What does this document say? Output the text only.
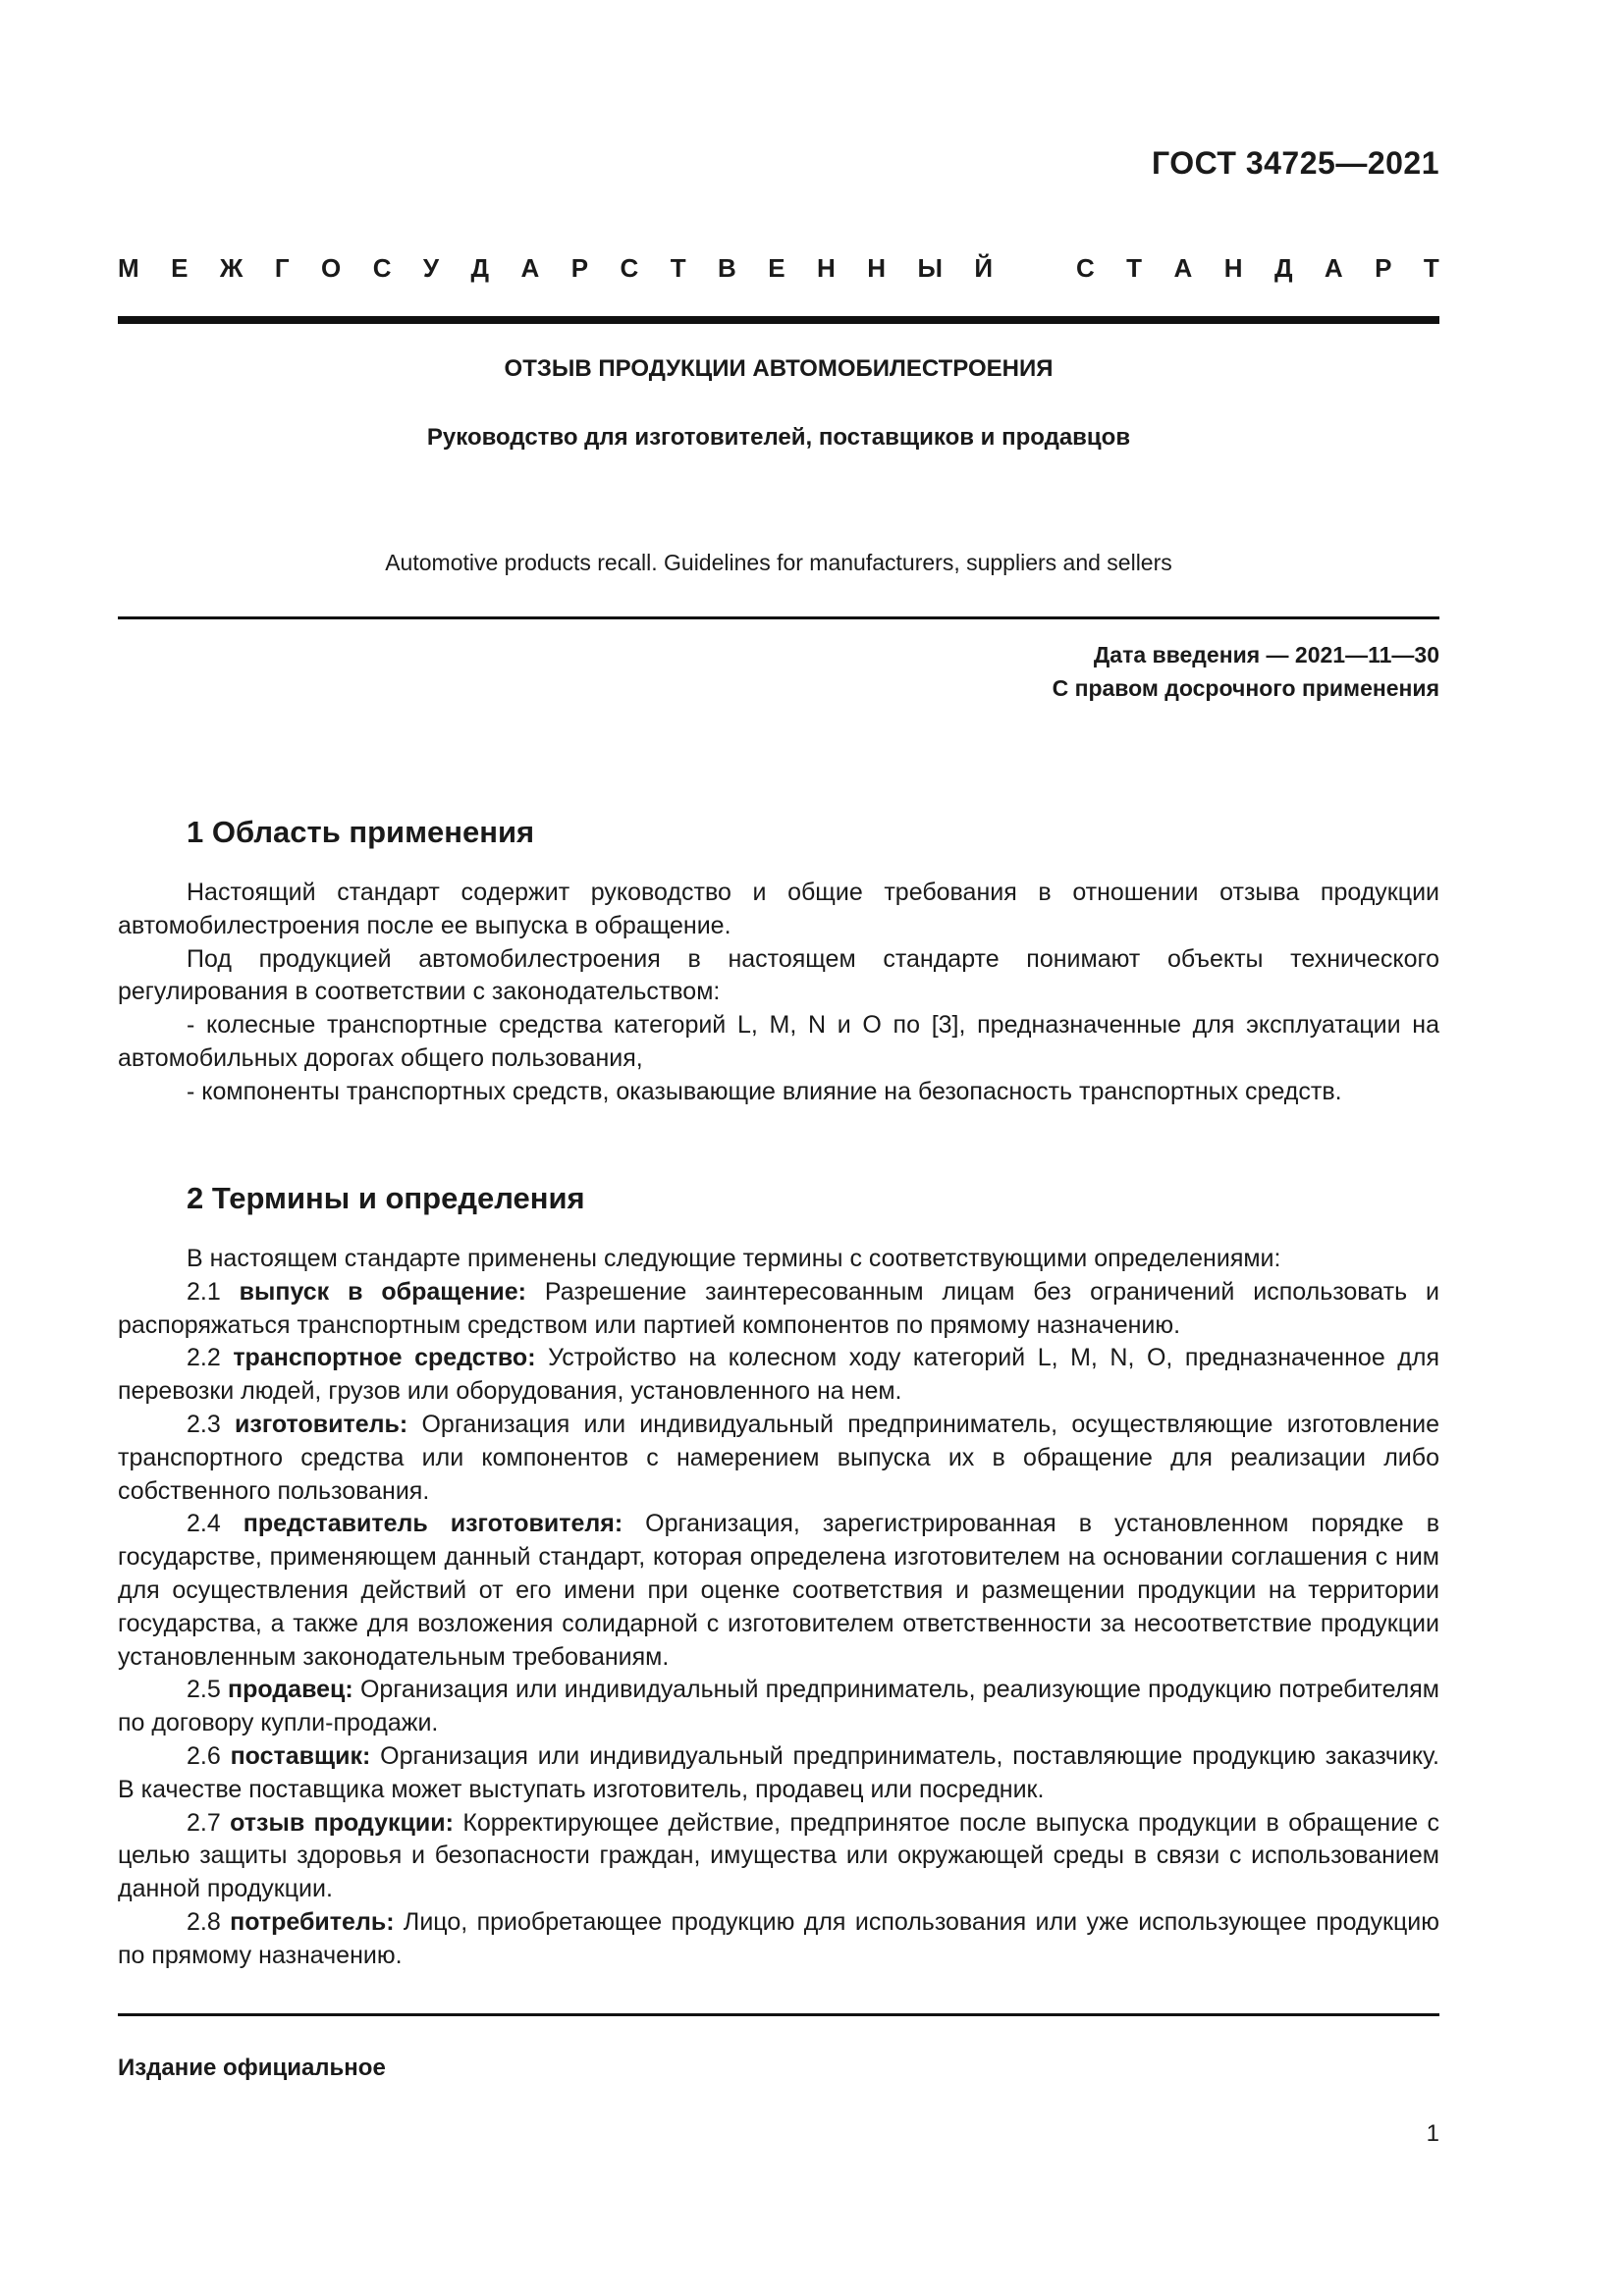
ГОСТ 34725—2021
М Е Ж Г О С У Д А Р С Т В Е Н Н Ы Й	С Т А Н Д А Р Т
ОТЗЫВ ПРОДУКЦИИ АВТОМОБИЛЕСТРОЕНИЯ
Руководство для изготовителей, поставщиков и продавцов
Automotive products recall. Guidelines for manufacturers, suppliers and sellers
Дата введения — 2021—11—30
С правом досрочного применения
1 Область применения

Настоящий стандарт содержит руководство и общие требования в отношении отзыва продукции автомобилестроения после ее выпуска в обращение.

Под продукцией автомобилестроения в настоящем стандарте понимают объекты технического регулирования в соответствии с законодательством:

- колесные транспортные средства категорий L, M, N и O по [3], предназначенные для эксплуатации на автомобильных дорогах общего пользования,

- компоненты транспортных средств, оказывающие влияние на безопасность транспортных средств.

2 Термины и определения

В настоящем стандарте применены следующие термины с соответствующими определениями:

2.1 выпуск в обращение: Разрешение заинтересованным лицам без ограничений использовать и распоряжаться транспортным средством или партией компонентов по прямому назначению.

2.2 транспортное средство: Устройство на колесном ходу категорий L, M, N, O, предназначенное для перевозки людей, грузов или оборудования, установленного на нем.

2.3 изготовитель: Организация или индивидуальный предприниматель, осуществляющие изготовление транспортного средства или компонентов с намерением выпуска их в обращение для реализации либо собственного пользования.

2.4 представитель изготовителя: Организация, зарегистрированная в установленном порядке в государстве, применяющем данный стандарт, которая определена изготовителем на основании соглашения с ним для осуществления действий от его имени при оценке соответствия и размещении продукции на территории государства, а также для возложения солидарной с изготовителем ответственности за несоответствие продукции установленным законодательным требованиям.

2.5 продавец: Организация или индивидуальный предприниматель, реализующие продукцию потребителям по договору купли-продажи.

2.6 поставщик: Организация или индивидуальный предприниматель, поставляющие продукцию заказчику. В качестве поставщика может выступать изготовитель, продавец или посредник.

2.7 отзыв продукции: Корректирующее действие, предпринятое после выпуска продукции в обращение с целью защиты здоровья и безопасности граждан, имущества или окружающей среды в связи с использованием данной продукции.

2.8 потребитель: Лицо, приобретающее продукцию для использования или уже использующее продукцию по прямому назначению.

Издание официальное
1
